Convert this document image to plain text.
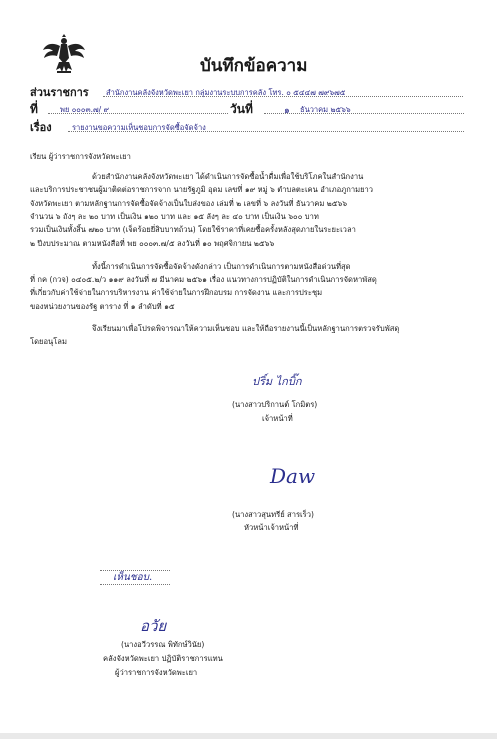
บันทึกข้อความ
ส่วนราชการ สำนักงานคลังจังหวัดพะเยา กลุ่มงานระบบการคลัง โทร. ๐ ๕๔๔๗ ๗๙๖๗๕
ที่	พย ๐๐๐๓.๗/ ๙	วันที่	๑ ธันวาคม ๒๕๖๖
เรื่อง	รายงานขอความเห็นชอบการจัดซื้อจัดจ้าง
เรียน ผู้ว่าราชการจังหวัดพะเยา
ด้วยสำนักงานคลังจังหวัดพะเยา ได้ดำเนินการจัดซื้อน้ำดื่มเพื่อใช้บริโภคในสำนักงาน
และบริการประชาชนผู้มาติดต่อราชการจาก นายรัฐภูมิ อุดม เลขที่ ๑๙ หมู่ ๖ ตำบลตะเคน อำเภอภูกามยาว
จังหวัดพะเยา ตามหลักฐานการจัดซื้อจัดจ้างเป็นใบส่งของ เล่มที่ ๒ เลขที่ ๖ ลงวันที่ ธันวาคม ๒๕๖๖
จำนวน ๖ ถังๆ ละ ๒๐ บาท เป็นเงิน ๑๒๐ บาท และ ๑๕ ลังๆ ละ ๔๐ บาท เป็นเงิน ๖๐๐ บาท
รวมเป็นเงินทั้งสิ้น ๗๒๐ บาท (เจ็ดร้อยยี่สิบบาทถ้วน) โดยใช้ราคาที่เคยซื้อครั้งหลังสุดภายในระยะเวลา
๒ ปีงบประมาณ ตามหนังสือที่ พย ๐๐๐๓.๗/๕ ลงวันที่ ๑๐ พฤศจิกายน ๒๕๖๖
ทั้งนี้การดำเนินการจัดซื้อจัดจ้างดังกล่าว เป็นการดำเนินการตามหนังสือด่วนที่สุด
ที่ กค (กวจ) ๐๔๐๕.๒/ว ๑๑๙ ลงวันที่ ๗ มีนาคม ๒๕๖๑ เรื่อง แนวทางการปฏิบัติในการดำเนินการจัดหาพัสดุ
ที่เกี่ยวกับค่าใช้จ่ายในการบริหารงาน ค่าใช้จ่ายในการฝึกอบรม การจัดงาน และการประชุม
ของหน่วยงานของรัฐ ตาราง ที่ ๑ ลำดับที่ ๑๕
จึงเรียนมาเพื่อโปรดพิจารณาให้ความเห็นชอบ และให้ถือรายงานนี้เป็นหลักฐานการตรวจรับพัสดุ
โดยอนุโลม
ปริ์ม ไกบิ๊ก
(นางสาวปริกานต์ โกมิตร)
เจ้าหน้าที่
Daw
(นางสาวสุนทรีย์ สารเร็ว)
หัวหน้าเจ้าหน้าที่
เห็นชอบ.
อวัย
(นางอวีวรรณ พิทักษ์วินัย)
คลังจังหวัดพะเยา ปฏิบัติราชการแทน
ผู้ว่าราชการจังหวัดพะเยา
